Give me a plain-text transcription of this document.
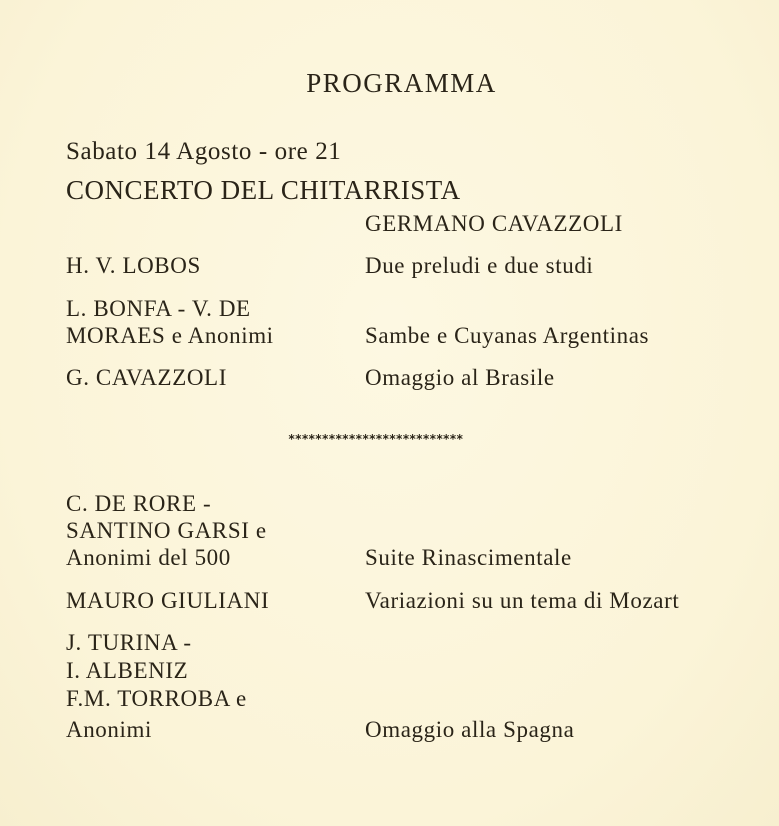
PROGRAMMA
Sabato 14 Agosto - ore 21
CONCERTO DEL CHITARRISTA
GERMANO CAVAZZOLI
H. V. LOBOS	Due preludi e due studi
L. BONFA - V. DE
MORAES e Anonimi	Sambe e Cuyanas Argentinas
G. CAVAZZOLI	Omaggio al Brasile
**************************
C. DE RORE -
SANTINO GARSI e
Anonimi del 500	Suite Rinascimentale
MAURO GIULIANI	Variazioni su un tema di Mozart
J. TURINA -
I. ALBENIZ
F.M. TORROBA e
Anonimi	Omaggio alla Spagna
